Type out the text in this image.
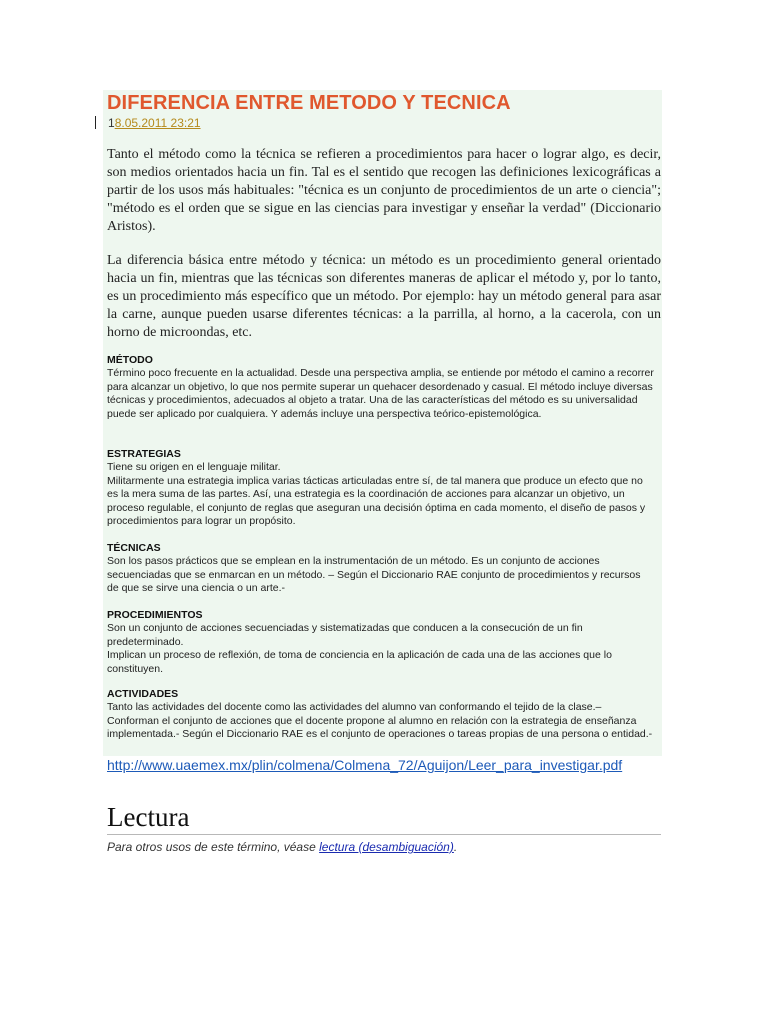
DIFERENCIA ENTRE METODO Y TECNICA
18.05.2011 23:21

Tanto el método como la técnica se refieren a procedimientos para hacer o lograr algo, es decir, son medios orientados hacia un fin. Tal es el sentido que recogen las definiciones lexicográficas a partir de los usos más habituales: "técnica es un conjunto de procedimientos de un arte o ciencia"; "método es el orden que se sigue en las ciencias para investigar y enseñar la verdad" (Diccionario Aristos).

La diferencia básica entre método y técnica: un método es un procedimiento general orientado hacia un fin, mientras que las técnicas son diferentes maneras de aplicar el método y, por lo tanto, es un procedimiento más específico que un método. Por ejemplo: hay un método general para asar la carne, aunque pueden usarse diferentes técnicas: a la parrilla, al horno, a la cacerola, con un horno de microondas, etc.

MÉTODO

Término poco frecuente en la actualidad. Desde una perspectiva amplia, se entiende por método el camino a recorrer para alcanzar un objetivo, lo que nos permite superar un quehacer desordenado y casual. El método incluye diversas técnicas y procedimientos, adecuados al objeto a tratar. Una de las características del método es su universalidad puede ser aplicado por cualquiera. Y además incluye una perspectiva teórico-epistemológica.

ESTRATEGIAS

Tiene su origen en el lenguaje militar.

Militarmente una estrategia implica varias tácticas articuladas entre sí, de tal manera que produce un efecto que no es la mera suma de las partes. Así, una estrategia es la coordinación de acciones para alcanzar un objetivo, un proceso regulable, el conjunto de reglas que aseguran una decisión óptima en cada momento, el diseño de pasos y procedimientos para lograr un propósito.

TÉCNICAS

Son los pasos prácticos que se emplean en la instrumentación de un método. Es un conjunto de acciones secuenciadas que se enmarcan en un método. – Según el Diccionario RAE conjunto de procedimientos y recursos de que se sirve una ciencia o un arte.-

PROCEDIMIENTOS

Son un conjunto de acciones secuenciadas y sistematizadas que conducen a la consecución de un fin predeterminado.

Implican un proceso de reflexión, de toma de conciencia en la aplicación de cada una de las acciones que lo constituyen.

ACTIVIDADES

Tanto las actividades del docente como las actividades del alumno van conformando el tejido de la clase.– Conforman el conjunto de acciones que el docente propone al alumno en relación con la estrategia de enseñanza implementada.- Según el Diccionario RAE es el conjunto de operaciones o tareas propias de una persona o entidad.-

http://www.uaemex.mx/plin/colmena/Colmena_72/Aguijon/Leer_para_investigar.pdf
Lectura
Para otros usos de este término, véase lectura (desambiguación).
